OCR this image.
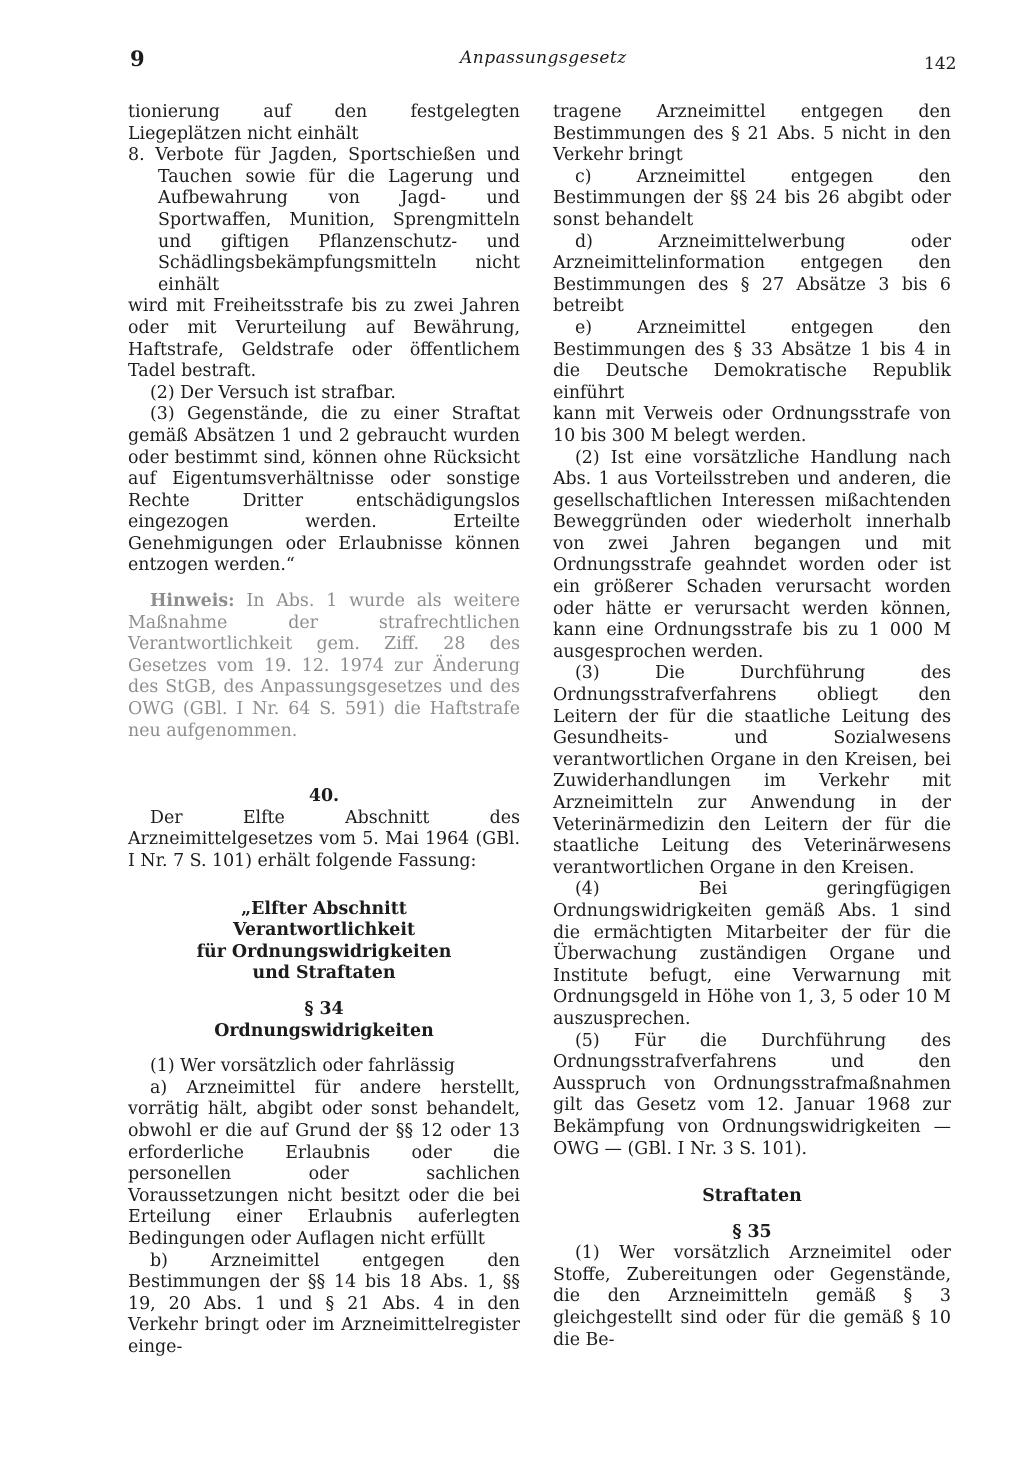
9	Anpassungsgesetz	142

tionierung auf den festgelegten Liegeplätzen nicht einhält

8. Verbote für Jagden, Sportschießen und Tauchen sowie für die Lagerung und Aufbewahrung von Jagd- und Sportwaffen, Munition, Sprengmitteln und giftigen Pflanzenschutz- und Schädlingsbekämpfungsmitteln nicht einhält

wird mit Freiheitsstrafe bis zu zwei Jahren oder mit Verurteilung auf Bewährung, Haftstrafe, Geldstrafe oder öffentlichem Tadel bestraft.

(2) Der Versuch ist strafbar.

(3) Gegenstände, die zu einer Straftat gemäß Absätzen 1 und 2 gebraucht wurden oder bestimmt sind, können ohne Rücksicht auf Eigentumsverhältnisse oder sonstige Rechte Dritter entschädigungslos eingezogen werden. Erteilte Genehmigungen oder Erlaubnisse können entzogen werden.“

Hinweis: In Abs. 1 wurde als weitere Maßnahme der strafrechtlichen Verantwortlichkeit gem. Ziff. 28 des Gesetzes vom 19. 12. 1974 zur Änderung des StGB, des Anpassungsgesetzes und des OWG (GBl. I Nr. 64 S. 591) die Haftstrafe neu aufgenommen.

40.

Der Elfte Abschnitt des Arzneimittelgesetzes vom 5. Mai 1964 (GBl. I Nr. 7 S. 101) erhält folgende Fassung:

„Elfter Abschnitt

Verantwortlichkeit

für Ordnungswidrigkeiten

und Straftaten

§ 34

Ordnungswidrigkeiten

(1) Wer vorsätzlich oder fahrlässig

a) Arzneimittel für andere herstellt, vorrätig hält, abgibt oder sonst behandelt, obwohl er die auf Grund der §§ 12 oder 13 erforderliche Erlaubnis oder die personellen oder sachlichen Voraussetzungen nicht besitzt oder die bei Erteilung einer Erlaubnis auferlegten Bedingungen oder Auflagen nicht erfüllt

b) Arzneimittel entgegen den Bestimmungen der §§ 14 bis 18 Abs. 1, §§ 19, 20 Abs. 1 und § 21 Abs. 4 in den Verkehr bringt oder im Arzneimittelregister einge-

tragene Arzneimittel entgegen den Bestimmungen des § 21 Abs. 5 nicht in den Verkehr bringt

c) Arzneimittel entgegen den Bestimmungen der §§ 24 bis 26 abgibt oder sonst behandelt

d) Arzneimittelwerbung oder Arzneimittelinformation entgegen den Bestimmungen des § 27 Absätze 3 bis 6 betreibt

e) Arzneimittel entgegen den Bestimmungen des § 33 Absätze 1 bis 4 in die Deutsche Demokratische Republik einführt

kann mit Verweis oder Ordnungsstrafe von 10 bis 300 M belegt werden.

(2) Ist eine vorsätzliche Handlung nach Abs. 1 aus Vorteilsstreben und anderen, die gesellschaftlichen Interessen mißachtenden Beweggründen oder wiederholt innerhalb von zwei Jahren begangen und mit Ordnungsstrafe geahndet worden oder ist ein größerer Schaden verursacht worden oder hätte er verursacht werden können, kann eine Ordnungsstrafe bis zu 1 000 M ausgesprochen werden.

(3) Die Durchführung des Ordnungsstrafverfahrens obliegt den Leitern der für die staatliche Leitung des Gesundheits- und Sozialwesens verantwortlichen Organe in den Kreisen, bei Zuwiderhandlungen im Verkehr mit Arzneimitteln zur Anwendung in der Veterinärmedizin den Leitern der für die staatliche Leitung des Veterinärwesens verantwortlichen Organe in den Kreisen.

(4) Bei geringfügigen Ordnungswidrigkeiten gemäß Abs. 1 sind die ermächtigten Mitarbeiter der für die Überwachung zuständigen Organe und Institute befugt, eine Verwarnung mit Ordnungsgeld in Höhe von 1, 3, 5 oder 10 M auszusprechen.

(5) Für die Durchführung des Ordnungsstrafverfahrens und den Ausspruch von Ordnungsstrafmaßnahmen gilt das Gesetz vom 12. Januar 1968 zur Bekämpfung von Ordnungswidrigkeiten — OWG — (GBl. I Nr. 3 S. 101).

Straftaten

§ 35

(1) Wer vorsätzlich Arzneimitel oder Stoffe, Zubereitungen oder Gegenstände, die den Arzneimitteln gemäß § 3 gleichgestellt sind oder für die gemäß § 10 die Be-
